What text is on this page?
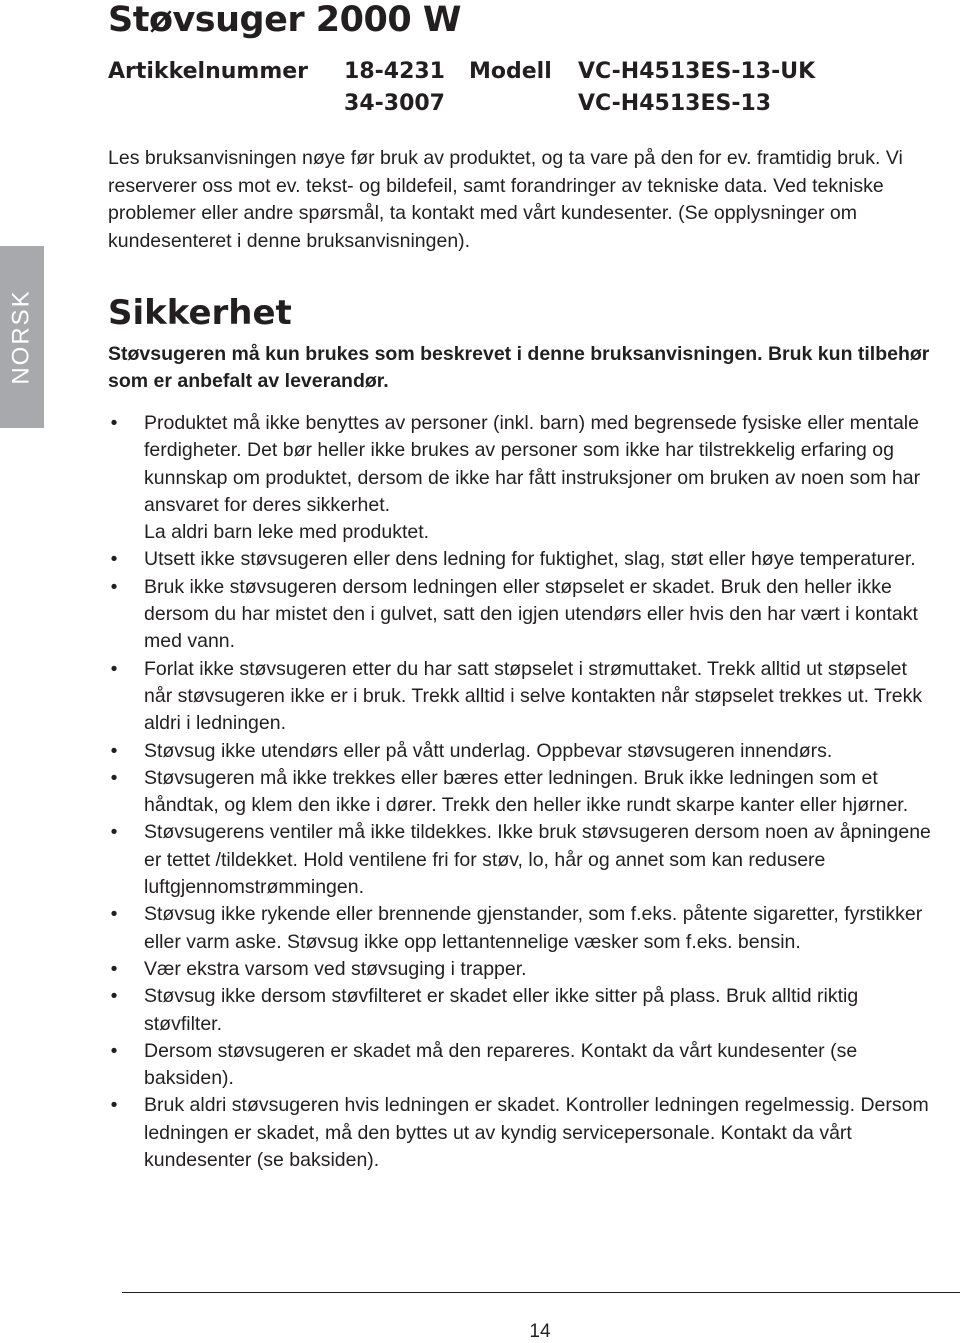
NORSK
Støvsuger 2000 W
Artikkelnummer	18-4231 Modell VC-H4513ES-13-UK
34-3007	VC-H4513ES-13

Les bruksanvisningen nøye før bruk av produktet, og ta vare på den for ev. framtidig bruk. Vi reserverer oss mot ev. tekst- og bildefeil, samt forandringer av tekniske data. Ved tekniske problemer eller andre spørsmål, ta kontakt med vårt kundesenter. (Se opplysninger om kundesenteret i denne bruksanvisningen).

Sikkerhet

Støvsugeren må kun brukes som beskrevet i denne bruksanvisningen. Bruk kun tilbehør som er anbefalt av leverandør.

• Produktet må ikke benyttes av personer (inkl. barn) med begrensede fysiske eller mentale ferdigheter. Det bør heller ikke brukes av personer som ikke har tilstrekkelig erfaring og kunnskap om produktet, dersom de ikke har fått instruksjoner om bruken av noen som har ansvaret for deres sikkerhet.
La aldri barn leke med produktet.
• Utsett ikke støvsugeren eller dens ledning for fuktighet, slag, støt eller høye temperaturer.
• Bruk ikke støvsugeren dersom ledningen eller støpselet er skadet. Bruk den heller ikke dersom du har mistet den i gulvet, satt den igjen utendørs eller hvis den har vært i kontakt med vann.
• Forlat ikke støvsugeren etter du har satt støpselet i strømuttaket. Trekk alltid ut støpselet når støvsugeren ikke er i bruk. Trekk alltid i selve kontakten når støpselet trekkes ut. Trekk aldri i ledningen.
• Støvsug ikke utendørs eller på vått underlag. Oppbevar støvsugeren innendørs.
• Støvsugeren må ikke trekkes eller bæres etter ledningen. Bruk ikke ledningen som et håndtak, og klem den ikke i dører. Trekk den heller ikke rundt skarpe kanter eller hjørner.
• Støvsugerens ventiler må ikke tildekkes. Ikke bruk støvsugeren dersom noen av åpningene er tettet /tildekket. Hold ventilene fri for støv, lo, hår og annet som kan redusere luftgjennomstrømmingen.
• Støvsug ikke rykende eller brennende gjenstander, som f.eks. påtente sigaretter, fyrstikker eller varm aske. Støvsug ikke opp lettantennelige væsker som f.eks. bensin.
• Vær ekstra varsom ved støvsuging i trapper.
• Støvsug ikke dersom støvfilteret er skadet eller ikke sitter på plass. Bruk alltid riktig støvfilter.
• Dersom støvsugeren er skadet må den repareres. Kontakt da vårt kundesenter (se baksiden).
• Bruk aldri støvsugeren hvis ledningen er skadet. Kontroller ledningen regelmessig. Dersom ledningen er skadet, må den byttes ut av kyndig servicepersonale. Kontakt da vårt kundesenter (se baksiden).
14
